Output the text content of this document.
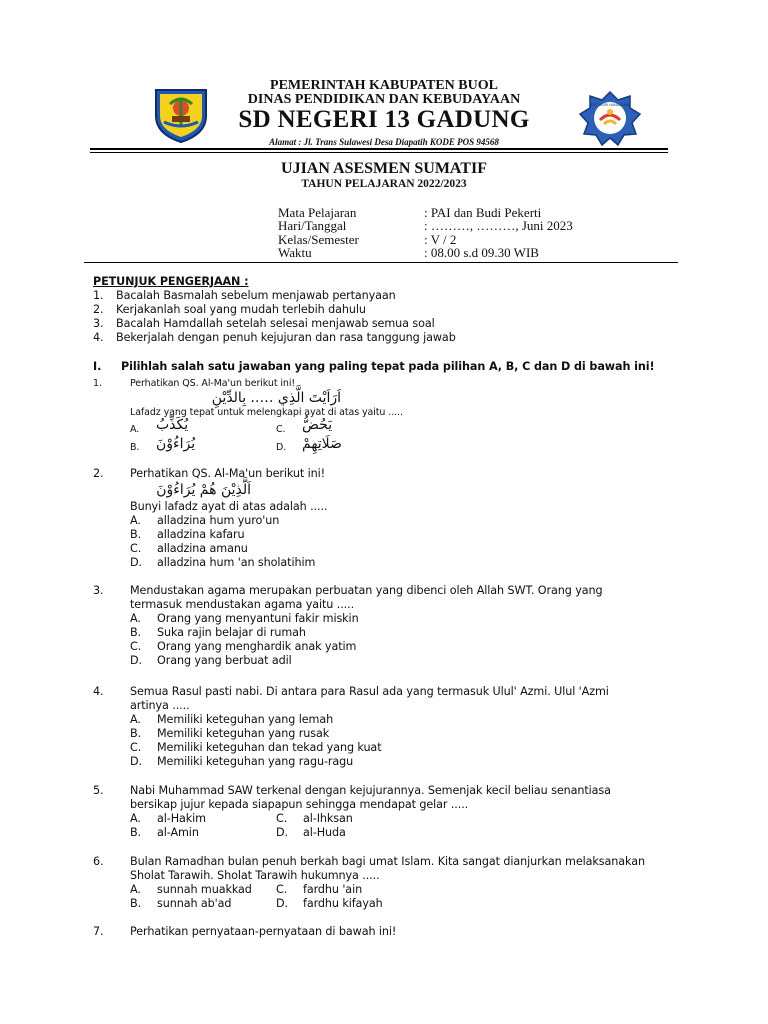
PEMERINTAH KABUPATEN BUOL
DINAS PENDIDIKAN DAN KEBUDAYAAN
SD NEGERI 13 GADUNG
Alamat : Jl. Trans Sulawesi Desa Diapatih KODE POS 94568
TUT WURI HANDAYANI
UJIAN ASESMEN SUMATIF
TAHUN PELAJARAN 2022/2023
Mata Pelajaran	: PAI dan Budi Pekerti
Hari/Tanggal	: ………, ………, Juni 2023
Kelas/Semester	: V / 2
Waktu	: 08.00 s.d 09.30 WIB
PETUNJUK PENGERJAAN :
1. Bacalah Basmalah sebelum menjawab pertanyaan
2. Kerjakanlah soal yang mudah terlebih dahulu
3. Bacalah Hamdallah setelah selesai menjawab semua soal
4. Bekerjalah dengan penuh kejujuran dan rasa tanggung jawab
I. Pilihlah salah satu jawaban yang paling tepat pada pilihan A, B, C dan D di bawah ini!
1.	Perhatikan QS. Al-Ma'un berikut ini!
اَرَاَيْتَ الَّذِي ….. بِالدِّيْنِ
Lafadz yang tepat untuk melengkapi ayat di atas yaitu .....
A. يُكَذِّبُ
B. يُرَاءُوْنَ
C. يَحُضُّ
D. صَلَاتِهِمْ
2. Perhatikan QS. Al-Ma'un berikut ini!
اَلَّذِيْنَ هُمْ يُرَاءُوْنَ
Bunyi lafadz ayat di atas adalah .....
A. alladzina hum yuro'un
B. alladzina kafaru
C. alladzina amanu
D. alladzina hum 'an sholatihim
3. Mendustakan agama merupakan perbuatan yang dibenci oleh Allah SWT. Orang yang
termasuk mendustakan agama yaitu .....
A. Orang yang menyantuni fakir miskin
B. Suka rajin belajar di rumah
C. Orang yang menghardik anak yatim
D. Orang yang berbuat adil
4. Semua Rasul pasti nabi. Di antara para Rasul ada yang termasuk Ulul' Azmi. Ulul 'Azmi
artinya .....
A. Memiliki keteguhan yang lemah
B. Memiliki keteguhan yang rusak
C. Memiliki keteguhan dan tekad yang kuat
D. Memiliki keteguhan yang ragu-ragu
5. Nabi Muhammad SAW terkenal dengan kejujurannya. Semenjak kecil beliau senantiasa
bersikap jujur kepada siapapun sehingga mendapat gelar .....
A. al-Hakim
B. al-Amin
C. al-Ihksan
D. al-Huda
6. Bulan Ramadhan bulan penuh berkah bagi umat Islam. Kita sangat dianjurkan melaksanakan
Sholat Tarawih. Sholat Tarawih hukumnya .....
A. sunnah muakkad
B. sunnah ab'ad
C. fardhu 'ain
D. fardhu kifayah
7. Perhatikan pernyataan-pernyataan di bawah ini!
